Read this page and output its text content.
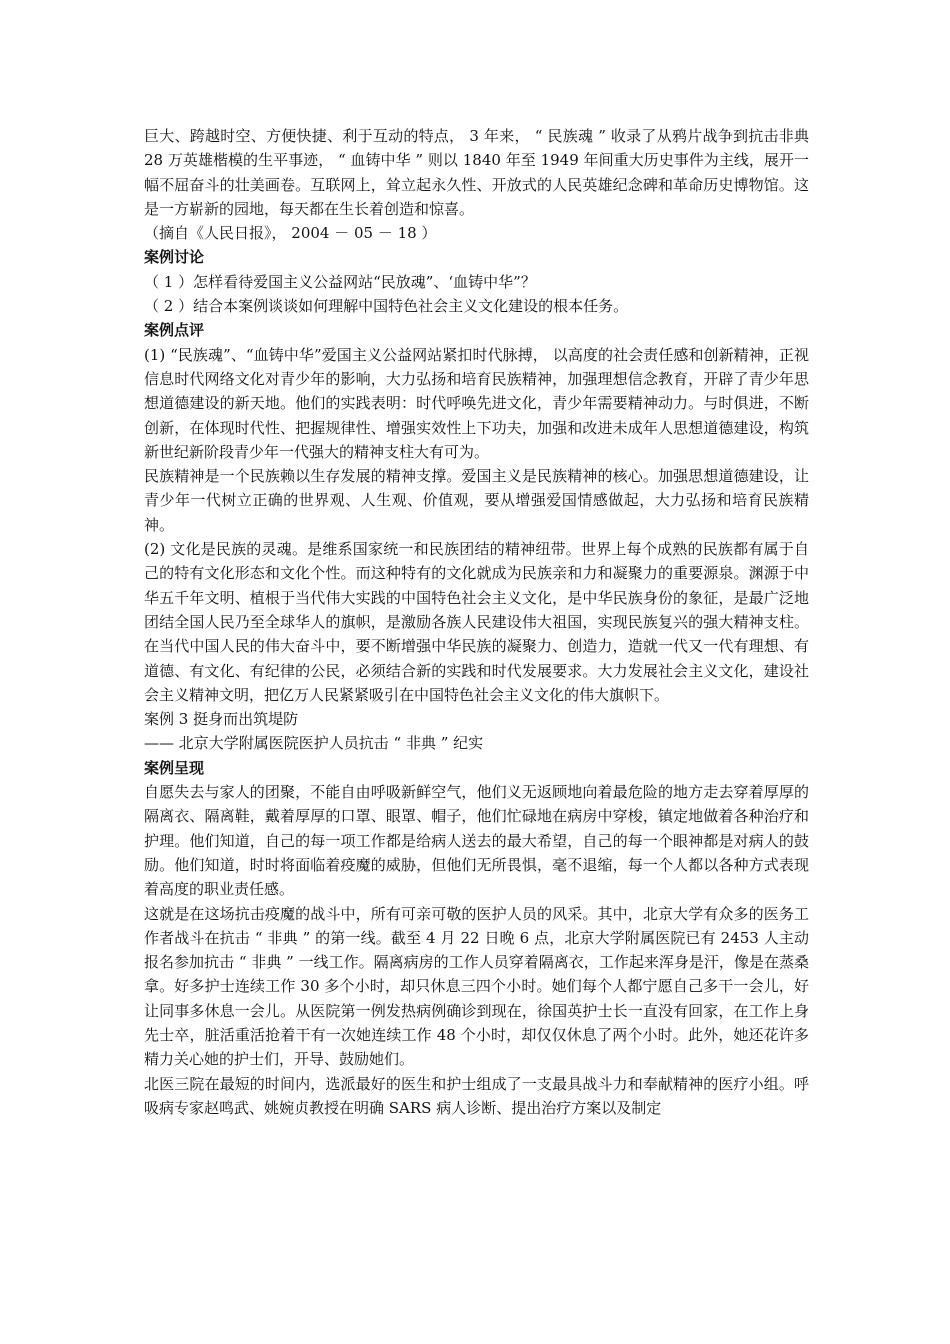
巨大、跨越时空、方便快捷、利于互动的特点， 3 年来， “ 民族魂 ” 收录了从鸦片战争到抗击非典 28 万英雄楷模的生平事迹， “ 血铸中华 ” 则以 1840 年至 1949 年间重大历史事件为主线，展开一幅不屈奋斗的壮美画卷。互联网上，耸立起永久性、开放式的人民英雄纪念碑和革命历史博物馆。这是一方崭新的园地，每天都在生长着创造和惊喜。

（摘自《人民日报》， 2004 － 05 － 18 ）

案例讨论

（ 1 ）怎样看待爱国主义公益网站“民放魂”、‘血铸中华”？

（ 2 ）结合本案例谈谈如何理解中国特色社会主义文化建设的根本任务。

案例点评

(1) “民族魂”、“血铸中华”爱国主义公益网站紧扣时代脉搏， 以高度的社会责任感和创新精神，正视信息时代网络文化对青少年的影响，大力弘扬和培育民族精神，加强理想信念教育，开辟了青少年思想道德建设的新天地。他们的实践表明：时代呼唤先进文化，青少年需要精神动力。与时俱进，不断创新，在体现时代性、把握规律性、增强实效性上下功夫，加强和改进未成年人思想道德建设，构筑新世纪新阶段青少年一代强大的精神支柱大有可为。

民族精神是一个民族赖以生存发展的精神支撑。爱国主义是民族精神的核心。加强思想道德建设，让青少年一代树立正确的世界观、人生观、价值观，要从增强爱国情感做起，大力弘扬和培育民族精神。

(2) 文化是民族的灵魂。是维系国家统一和民族团结的精神纽带。世界上每个成熟的民族都有属于自己的特有文化形态和文化个性。而这种特有的文化就成为民族亲和力和凝聚力的重要源泉。渊源于中华五千年文明、植根于当代伟大实践的中国特色社会主义文化，是中华民族身份的象征，是最广泛地团结全国人民乃至全球华人的旗帜，是激励各族人民建设伟大祖国，实现民族复兴的强大精神支柱。在当代中国人民的伟大奋斗中，要不断增强中华民族的凝聚力、创造力，造就一代又一代有理想、有道德、有文化、有纪律的公民，必须结合新的实践和时代发展要求。大力发展社会主义文化，建设社会主义精神文明，把亿万人民紧紧吸引在中国特色社会主义文化的伟大旗帜下。

案例 3 挺身而出筑堤防

—— 北京大学附属医院医护人员抗击 “ 非典 ” 纪实

案例呈现

自愿失去与家人的团聚，不能自由呼吸新鲜空气，他们义无返顾地向着最危险的地方走去穿着厚厚的隔离衣、隔离鞋，戴着厚厚的口罩、眼罩、帽子，他们忙碌地在病房中穿梭，镇定地做着各种治疗和护理。他们知道，自己的每一项工作都是给病人送去的最大希望，自己的每一个眼神都是对病人的鼓励。他们知道，时时将面临着疫魔的威胁，但他们无所畏惧，毫不退缩，每一个人都以各种方式表现着高度的职业责任感。

这就是在这场抗击疫魔的战斗中，所有可亲可敬的医护人员的风采。其中，北京大学有众多的医务工作者战斗在抗击 “ 非典 ” 的第一线。截至 4 月 22 日晚 6 点，北京大学附属医院已有 2453 人主动报名参加抗击 “ 非典 ” 一线工作。隔离病房的工作人员穿着隔离衣，工作起来浑身是汗，像是在蒸桑拿。好多护士连续工作 30 多个小时，却只休息三四个小时。她们每个人都宁愿自己多干一会儿，好让同事多休息一会儿。从医院第一例发热病例确诊到现在，徐国英护士长一直没有回家，在工作上身先士卒，脏活重活抢着干有一次她连续工作 48 个小时，却仅仅休息了两个小时。此外，她还花许多精力关心她的护士们，开导、鼓励她们。

北医三院在最短的时间内，选派最好的医生和护士组成了一支最具战斗力和奉献精神的医疗小组。呼吸病专家赵鸣武、姚婉贞教授在明确 SARS 病人诊断、提出治疗方案以及制定
